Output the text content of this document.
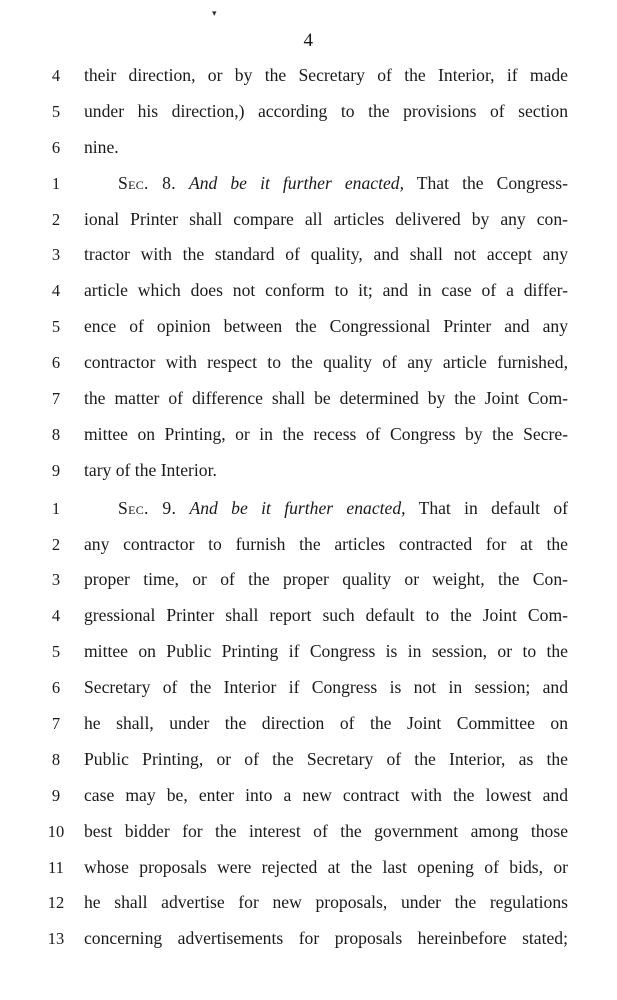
▾
4
4	their direction, or by the Secretary of the Interior, if made
5	under his direction,) according to the provisions of section
6	nine.
1	Sec. 8. And be it further enacted, That the Congress-
2	ional Printer shall compare all articles delivered by any con-
3	tractor with the standard of quality, and shall not accept any
4	article which does not conform to it; and in case of a differ-
5	ence of opinion between the Congressional Printer and any
6	contractor with respect to the quality of any article furnished,
7	the matter of difference shall be determined by the Joint Com-
8	mittee on Printing, or in the recess of Congress by the Secre-
9	tary of the Interior.
1	Sec. 9. And be it further enacted, That in default of
2	any contractor to furnish the articles contracted for at the
3	proper time, or of the proper quality or weight, the Con-
4	gressional Printer shall report such default to the Joint Com-
5	mittee on Public Printing if Congress is in session, or to the
6	Secretary of the Interior if Congress is not in session; and
7	he shall, under the direction of the Joint Committee on
8	Public Printing, or of the Secretary of the Interior, as the
9	case may be, enter into a new contract with the lowest and
10	best bidder for the interest of the government among those
11	whose proposals were rejected at the last opening of bids, or
12	he shall advertise for new proposals, under the regulations
13	concerning advertisements for proposals hereinbefore stated;
